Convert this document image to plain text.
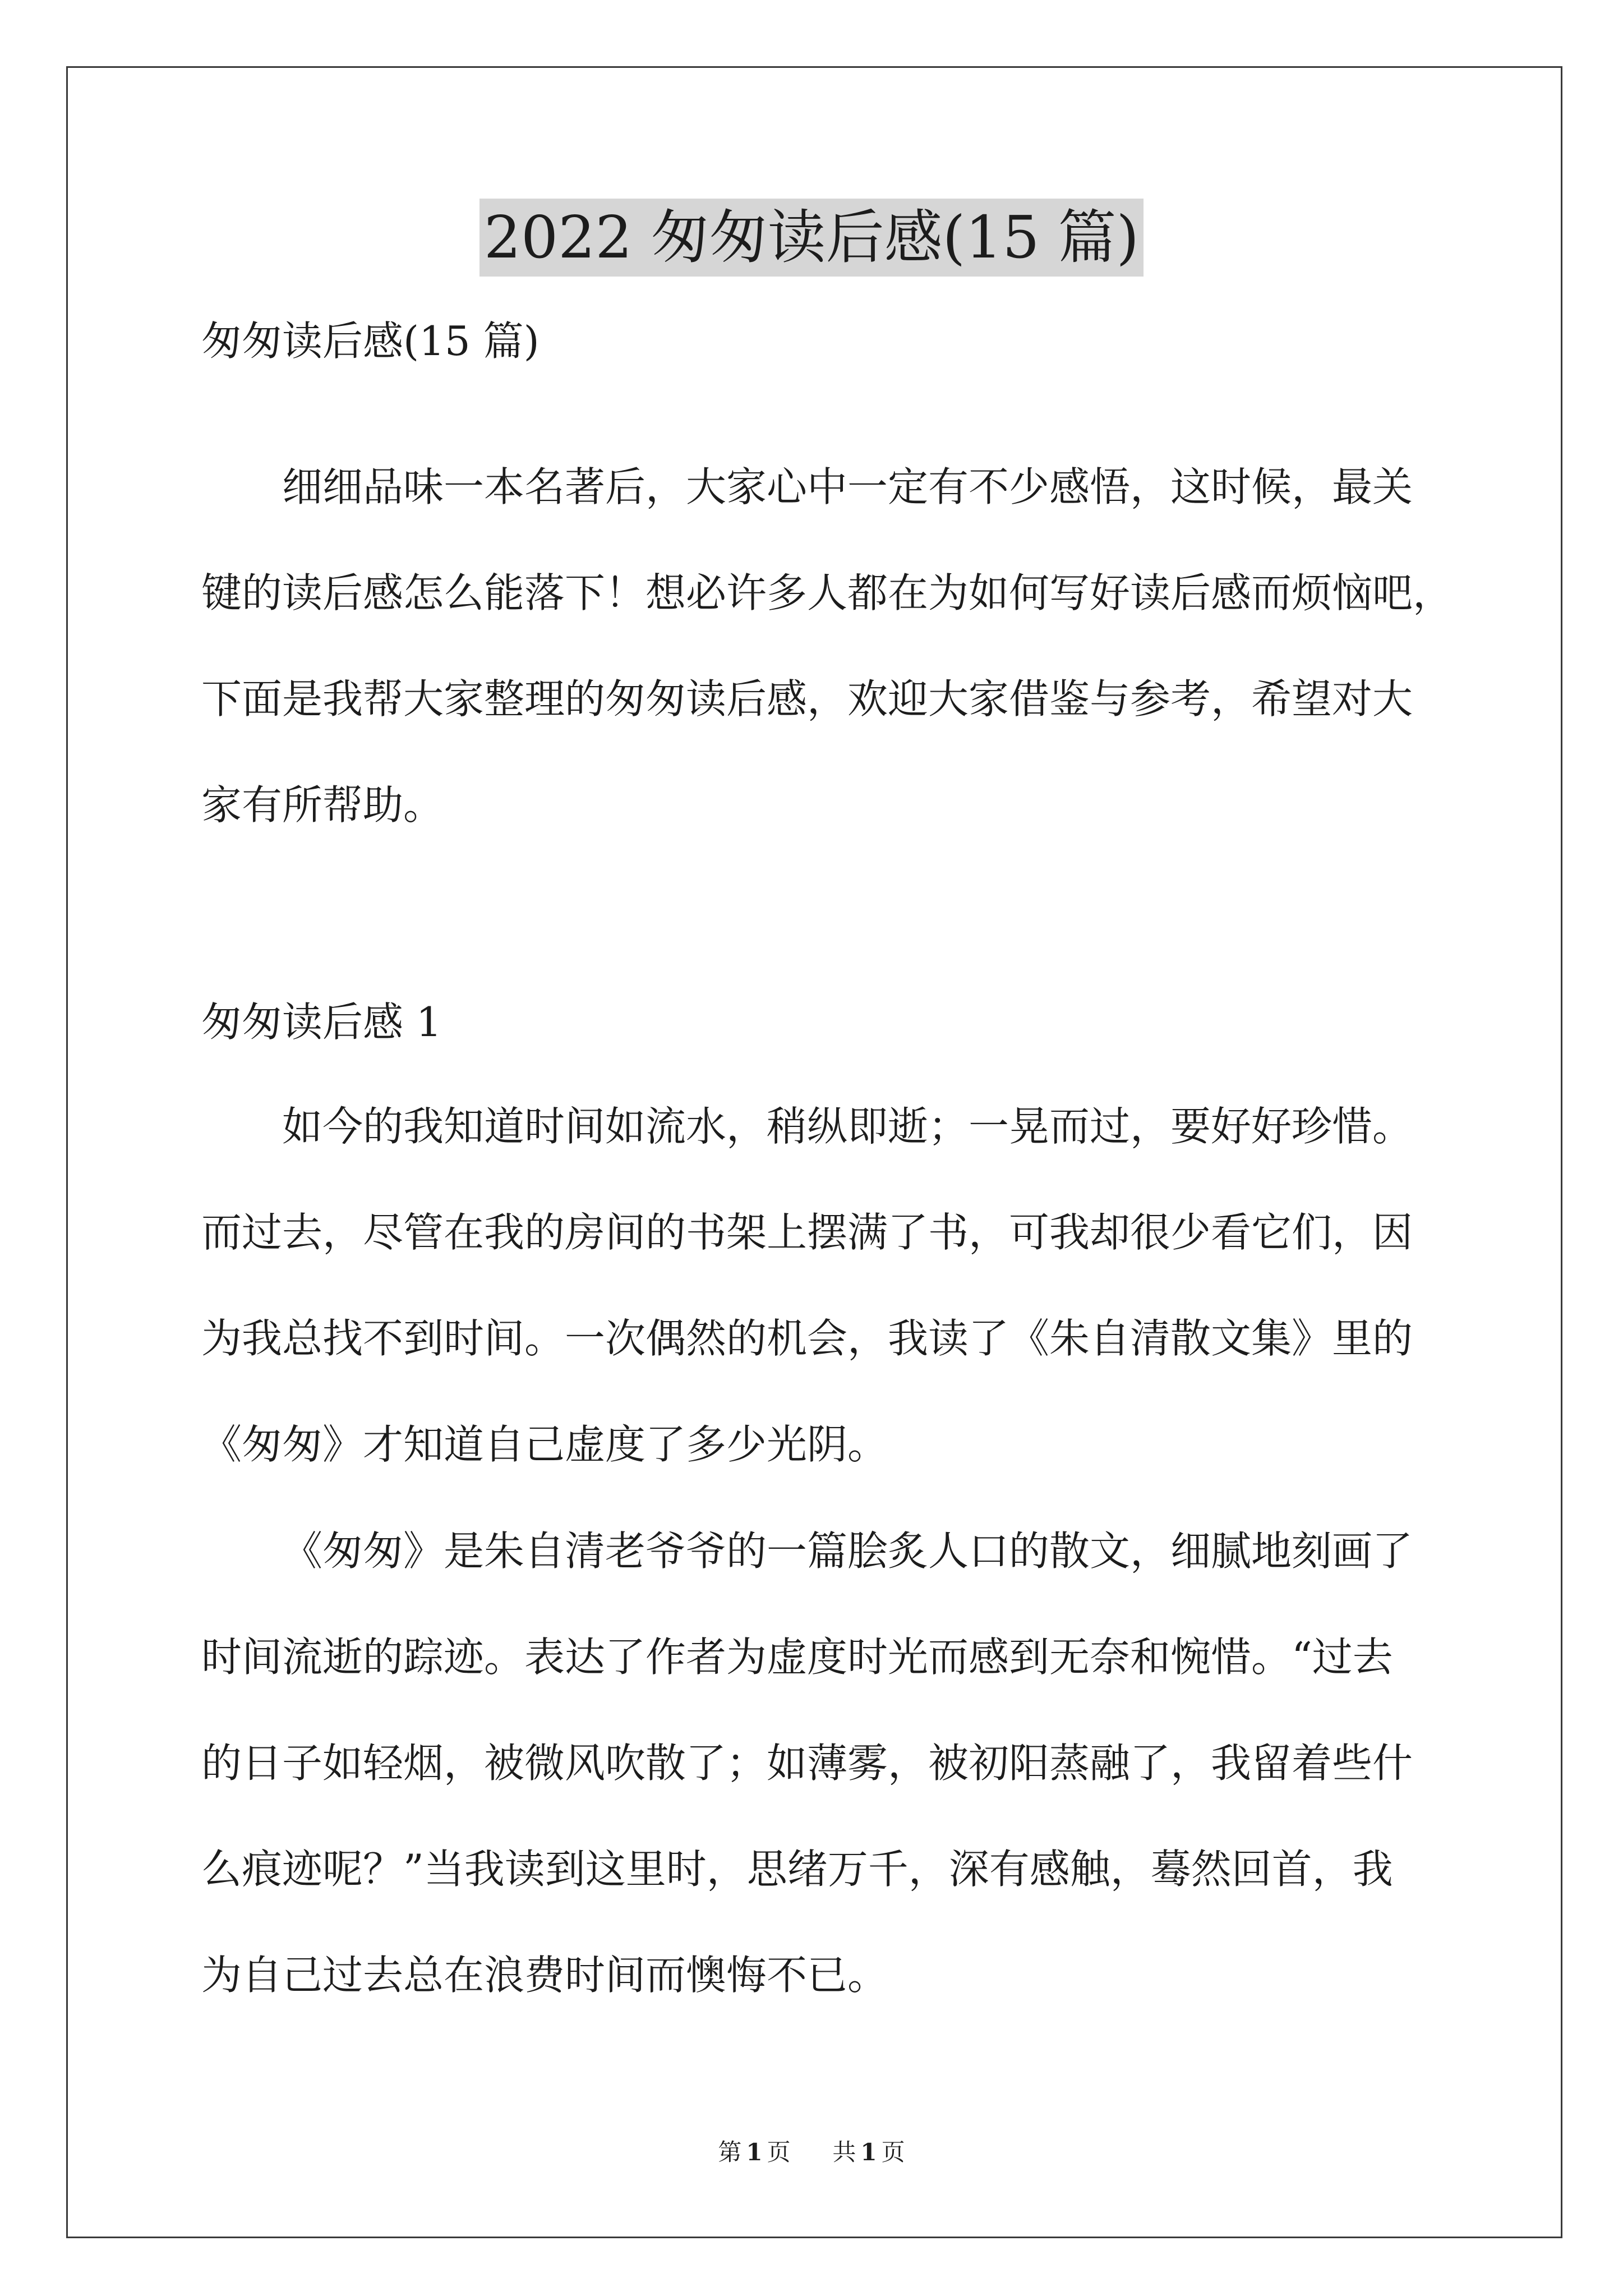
2022 匆匆读后感(15 篇)
匆匆读后感(15 篇)
细细品味一本名著后，大家心中一定有不少感悟，这时候，最关
键的读后感怎么能落下！想必许多人都在为如何写好读后感而烦恼吧，
下面是我帮大家整理的匆匆读后感，欢迎大家借鉴与参考，希望对大
家有所帮助。
匆匆读后感 1
如今的我知道时间如流水，稍纵即逝；一晃而过，要好好珍惜。
而过去，尽管在我的房间的书架上摆满了书，可我却很少看它们，因
为我总找不到时间。一次偶然的机会，我读了《朱自清散文集》里的
《匆匆》才知道自己虚度了多少光阴。
《匆匆》是朱自清老爷爷的一篇脍炙人口的散文，细腻地刻画了
时间流逝的踪迹。表达了作者为虚度时光而感到无奈和惋惜。“过去
的日子如轻烟，被微风吹散了；如薄雾，被初阳蒸融了，我留着些什
么痕迹呢？”当我读到这里时，思绪万千，深有感触，蓦然回首，我
为自己过去总在浪费时间而懊悔不已。
第 1 页 共 1 页
